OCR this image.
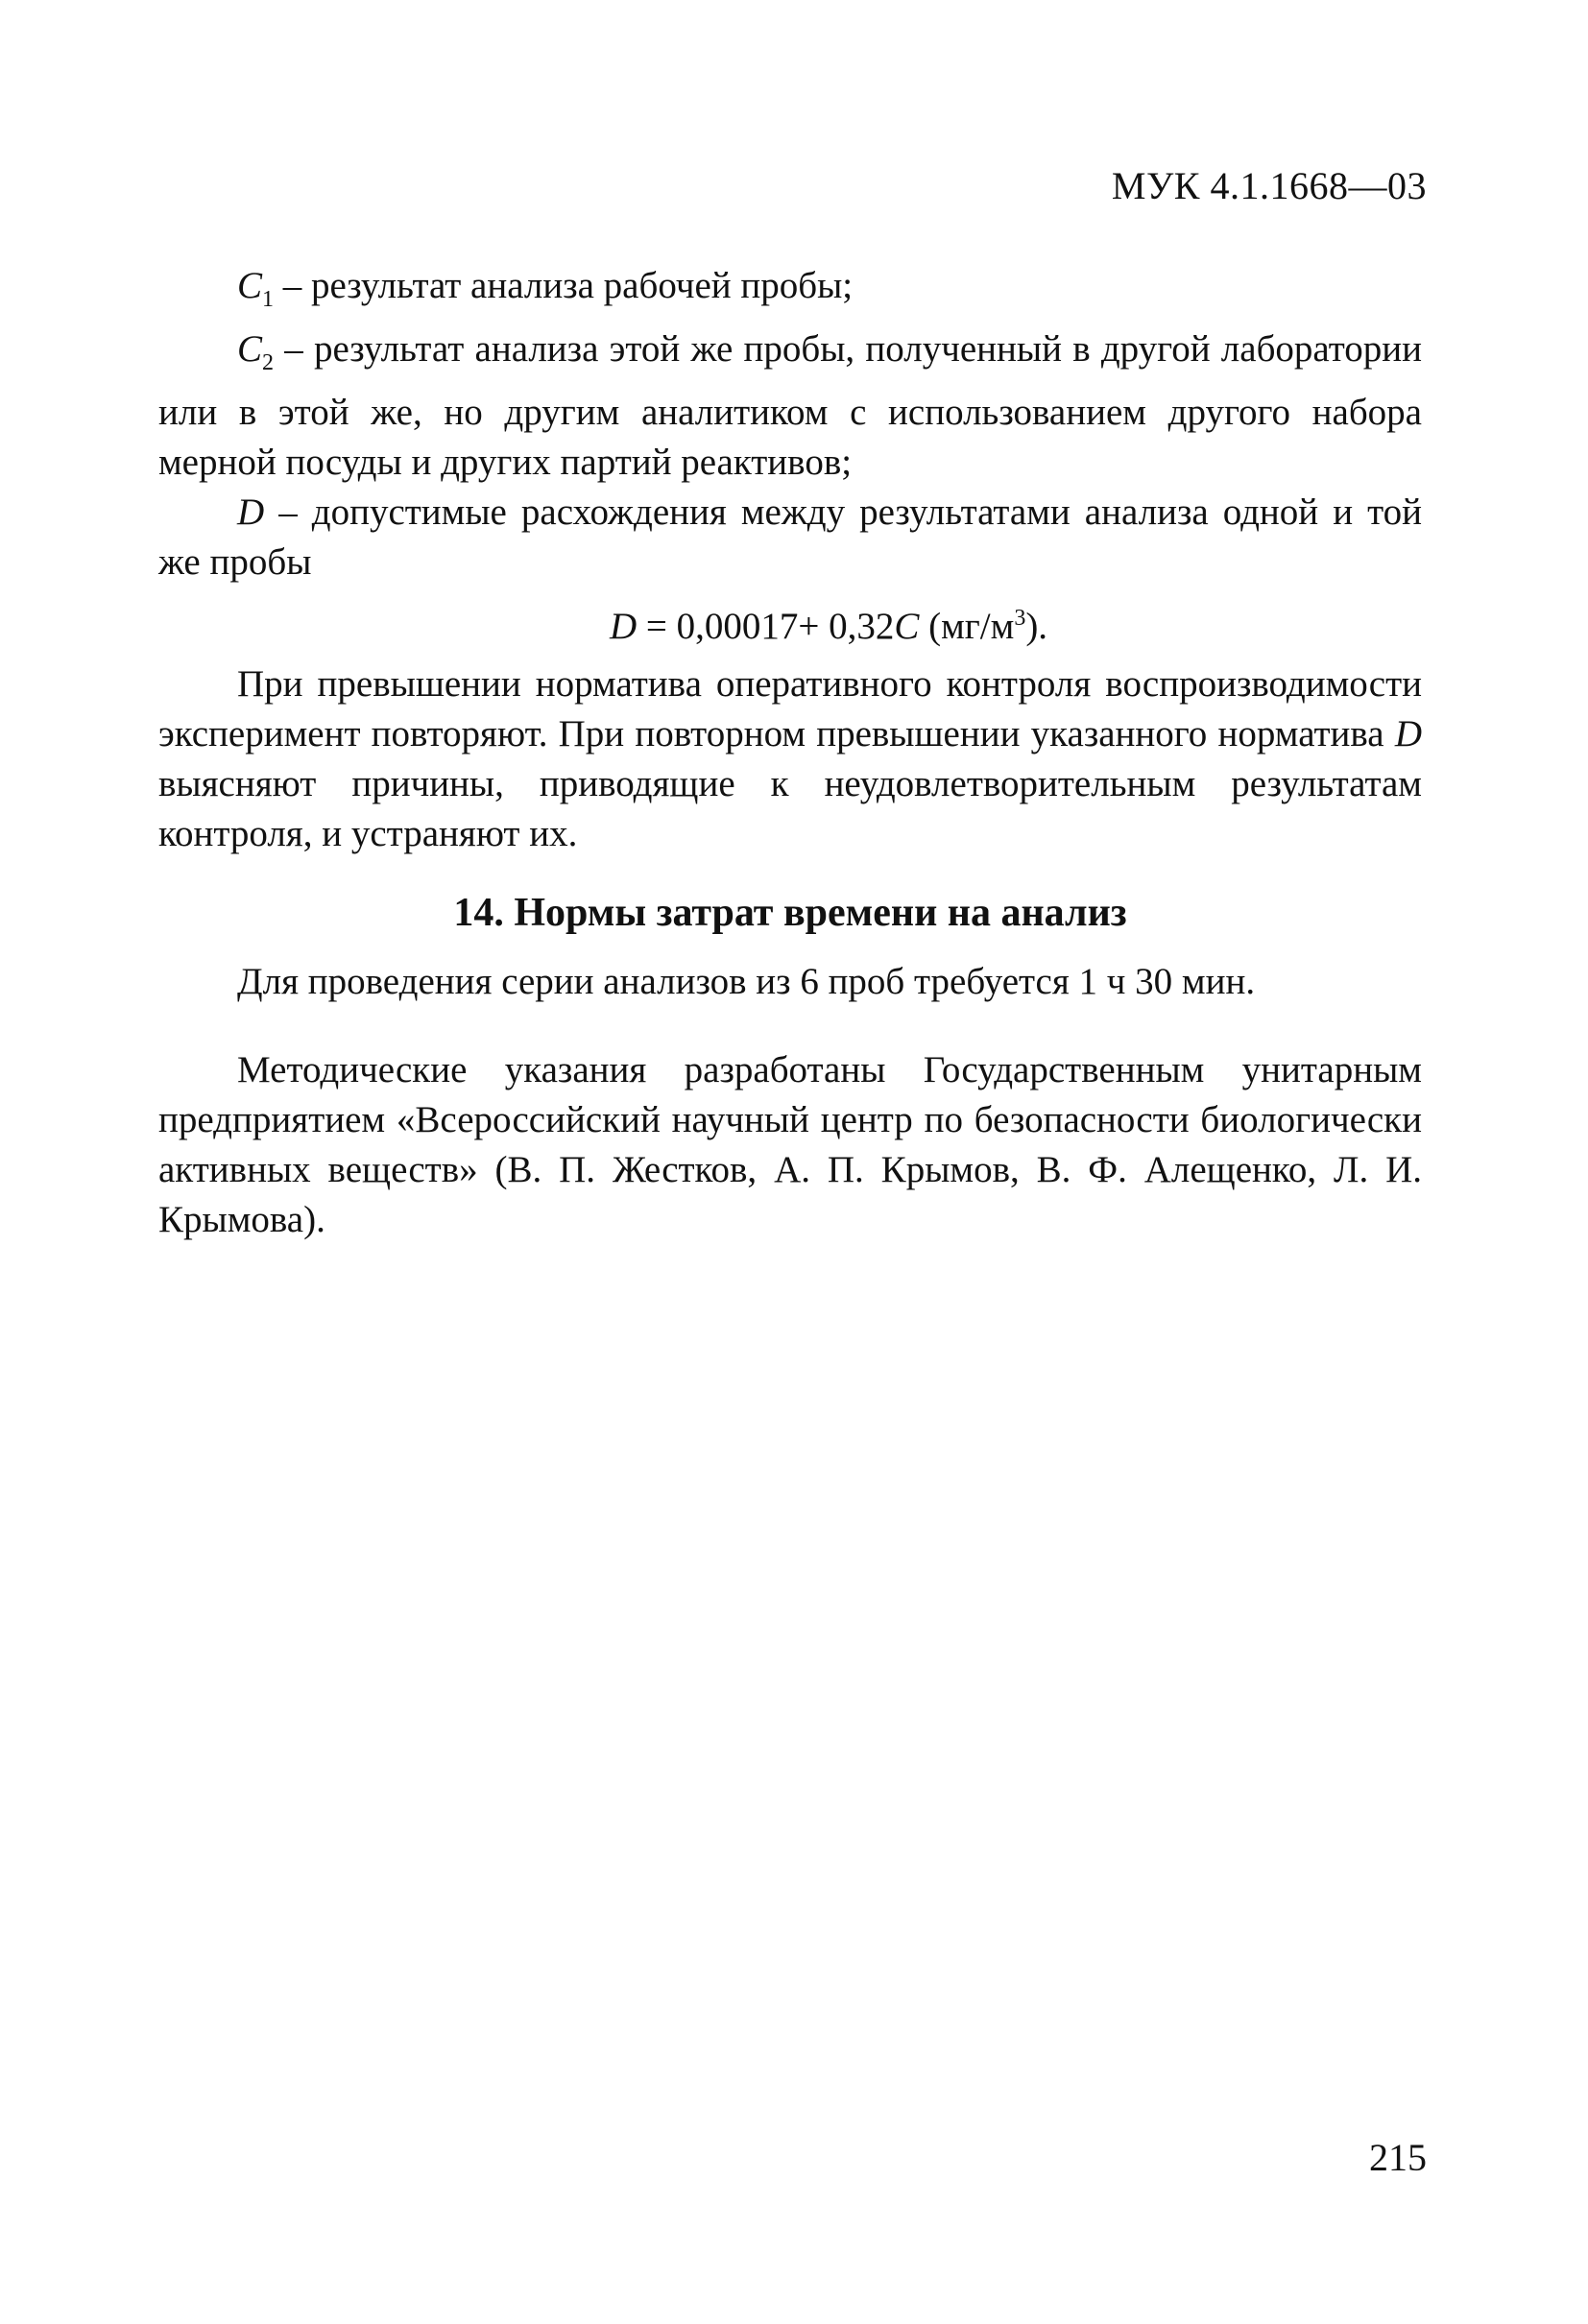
МУК 4.1.1668—03

$C_1$ – результат анализа рабочей пробы;

$C_2$ – результат анализа этой же пробы, полученный в другой лаборатории или в этой же, но другим аналитиком с использованием другого набора мерной посуды и других партий реактивов;

D – допустимые расхождения между результатами анализа одной и той же пробы

D = 0,00017+ 0,32C $(мг/м^3)$.

При превышении норматива оперативного контроля воспроизводимости эксперимент повторяют. При повторном превышении указанного норматива D выясняют причины, приводящие к неудовлетворительным результатам контроля, и устраняют их.

14. Нормы затрат времени на анализ

Для проведения серии анализов из 6 проб требуется 1 ч 30 мин.

Методические указания разработаны Государственным унитарным предприятием «Всероссийский научный центр по безопасности биологически активных веществ» (В. П. Жестков, А. П. Крымов, В. Ф. Алещенко, Л. И. Крымова).

215
